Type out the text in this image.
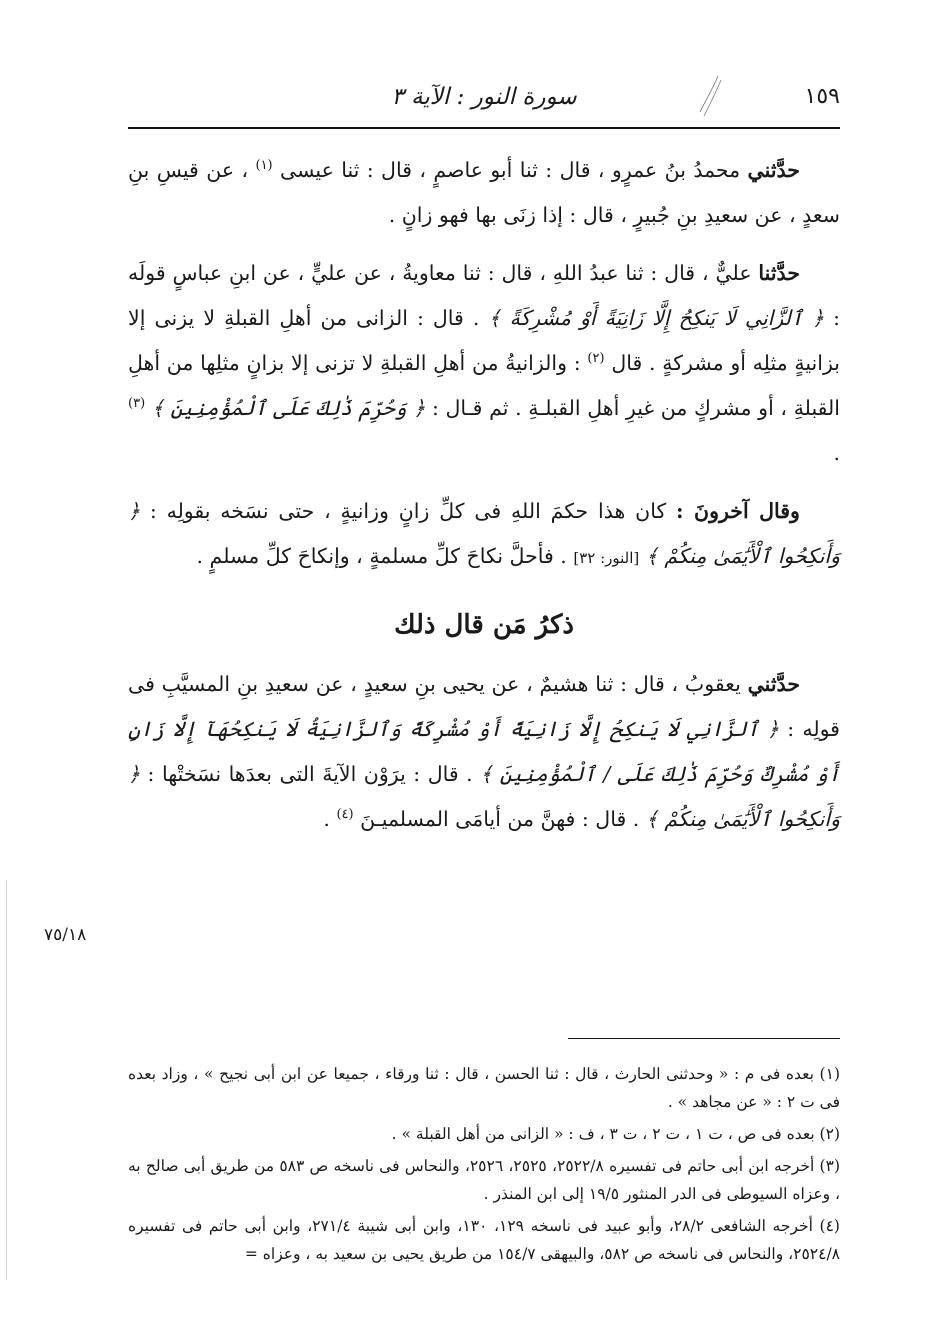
١٥٩
سورة النور : الآية ٣

حدَّثني محمدُ بنُ عمرٍو ، قال : ثنا أبو عاصمٍ ، قال : ثنا عيسى $^{(١)}$ ، عن قيسِ بنِ سعدٍ ، عن سعيدِ بنِ جُبيرٍ ، قال : إذا زنَى بها فهو زانٍ .

حدَّثنا عليٌّ ، قال : ثنا عبدُ اللهِ ، قال : ثنا معاويةُ ، عن عليٍّ ، عن ابنِ عباسٍ قولَه : ﴿ ٱلزَّانِي لَا يَنكِحُ إِلَّا زَانِيَةً أَوْ مُشْرِكَةً ﴾ . قال : الزانى من أهلِ القبلةِ لا يزنى إلا بزانيةٍ مثلِه أو مشركةٍ . قال $^{(٢)}$ : والزانيةُ من أهلِ القبلةِ لا تزنى إلا بزانٍ مثلِها من أهلِ القبلةِ ، أو مشركٍ من غيرِ أهلِ القبلـةِ . ثم قـال : ﴿ وَحُرِّمَ ذَٰلِكَ عَلَى ٱلْمُؤْمِنِينَ ﴾ $^{(٣)}$ .

وقال آخرونَ : كان هذا حكمَ اللهِ فى كلِّ زانٍ وزانيةٍ ، حتى نسَخه بقولِه : ﴿ وَأَنكِحُوا ٱلْأَيَٰمَىٰ مِنكُمْ ﴾ [النور: ٣٢] . فأحلَّ نكاحَ كلِّ مسلمةٍ ، وإنكاحَ كلِّ مسلمٍ .

ذكرُ مَن قال ذلك

حدَّثني يعقوبُ ، قال : ثنا هشيمٌ ، عن يحيى بنِ سعيدٍ ، عن سعيدِ بنِ المسيَّبِ فى قولِه : ﴿ ٱلزَّانِي لَا يَنكِحُ إِلَّا زَانِيَةً أَوْ مُشْرِكَةً وَٱلزَّانِيَةُ لَا يَنكِحُهَآ إِلَّا زَانٍ أَوْ مُشْرِكٌ وَحُرِّمَ ذَٰلِكَ عَلَى / ٱلْمُؤْمِنِينَ ﴾ . قال : يرَوْن الآيةَ التى بعدَها نسَختْها : ﴿ وَأَنكِحُوا ٱلْأَيَٰمَىٰ مِنكُمْ ﴾ . قال : فهنَّ من أيامَى المسلميـنَ $^{(٤)}$ .

٧٥/١٨

(١) بعده فى م : « وحدثنى الحارث ، قال : ثنا الحسن ، قال : ثنا ورقاء ، جميعا عن ابن أبى نجيح » ، وزاد بعده فى ت ٢ : « عن مجاهد » .

(٢) بعده فى ص ، ت ١ ، ت ٢ ، ت ٣ ، ف : « الزانى من أهل القبلة » .

(٣) أخرجه ابن أبى حاتم فى تفسيره ٢٥٢٢/٨، ٢٥٢٥، ٢٥٢٦، والنحاس فى ناسخه ص ٥٨٣ من طريق أبى صالح به ، وعزاه السيوطى فى الدر المنثور ١٩/٥ إلى ابن المنذر .

(٤) أخرجه الشافعى ٢٨/٢، وأبو عبيد فى ناسخه ١٢٩، ١٣٠، وابن أبى شيبة ٢٧١/٤، وابن أبى حاتم فى تفسيره ٢٥٢٤/٨، والنحاس فى ناسخه ص ٥٨٢، والبيهقى ١٥٤/٧ من طريق يحيى بن سعيد به ، وعزاه =
